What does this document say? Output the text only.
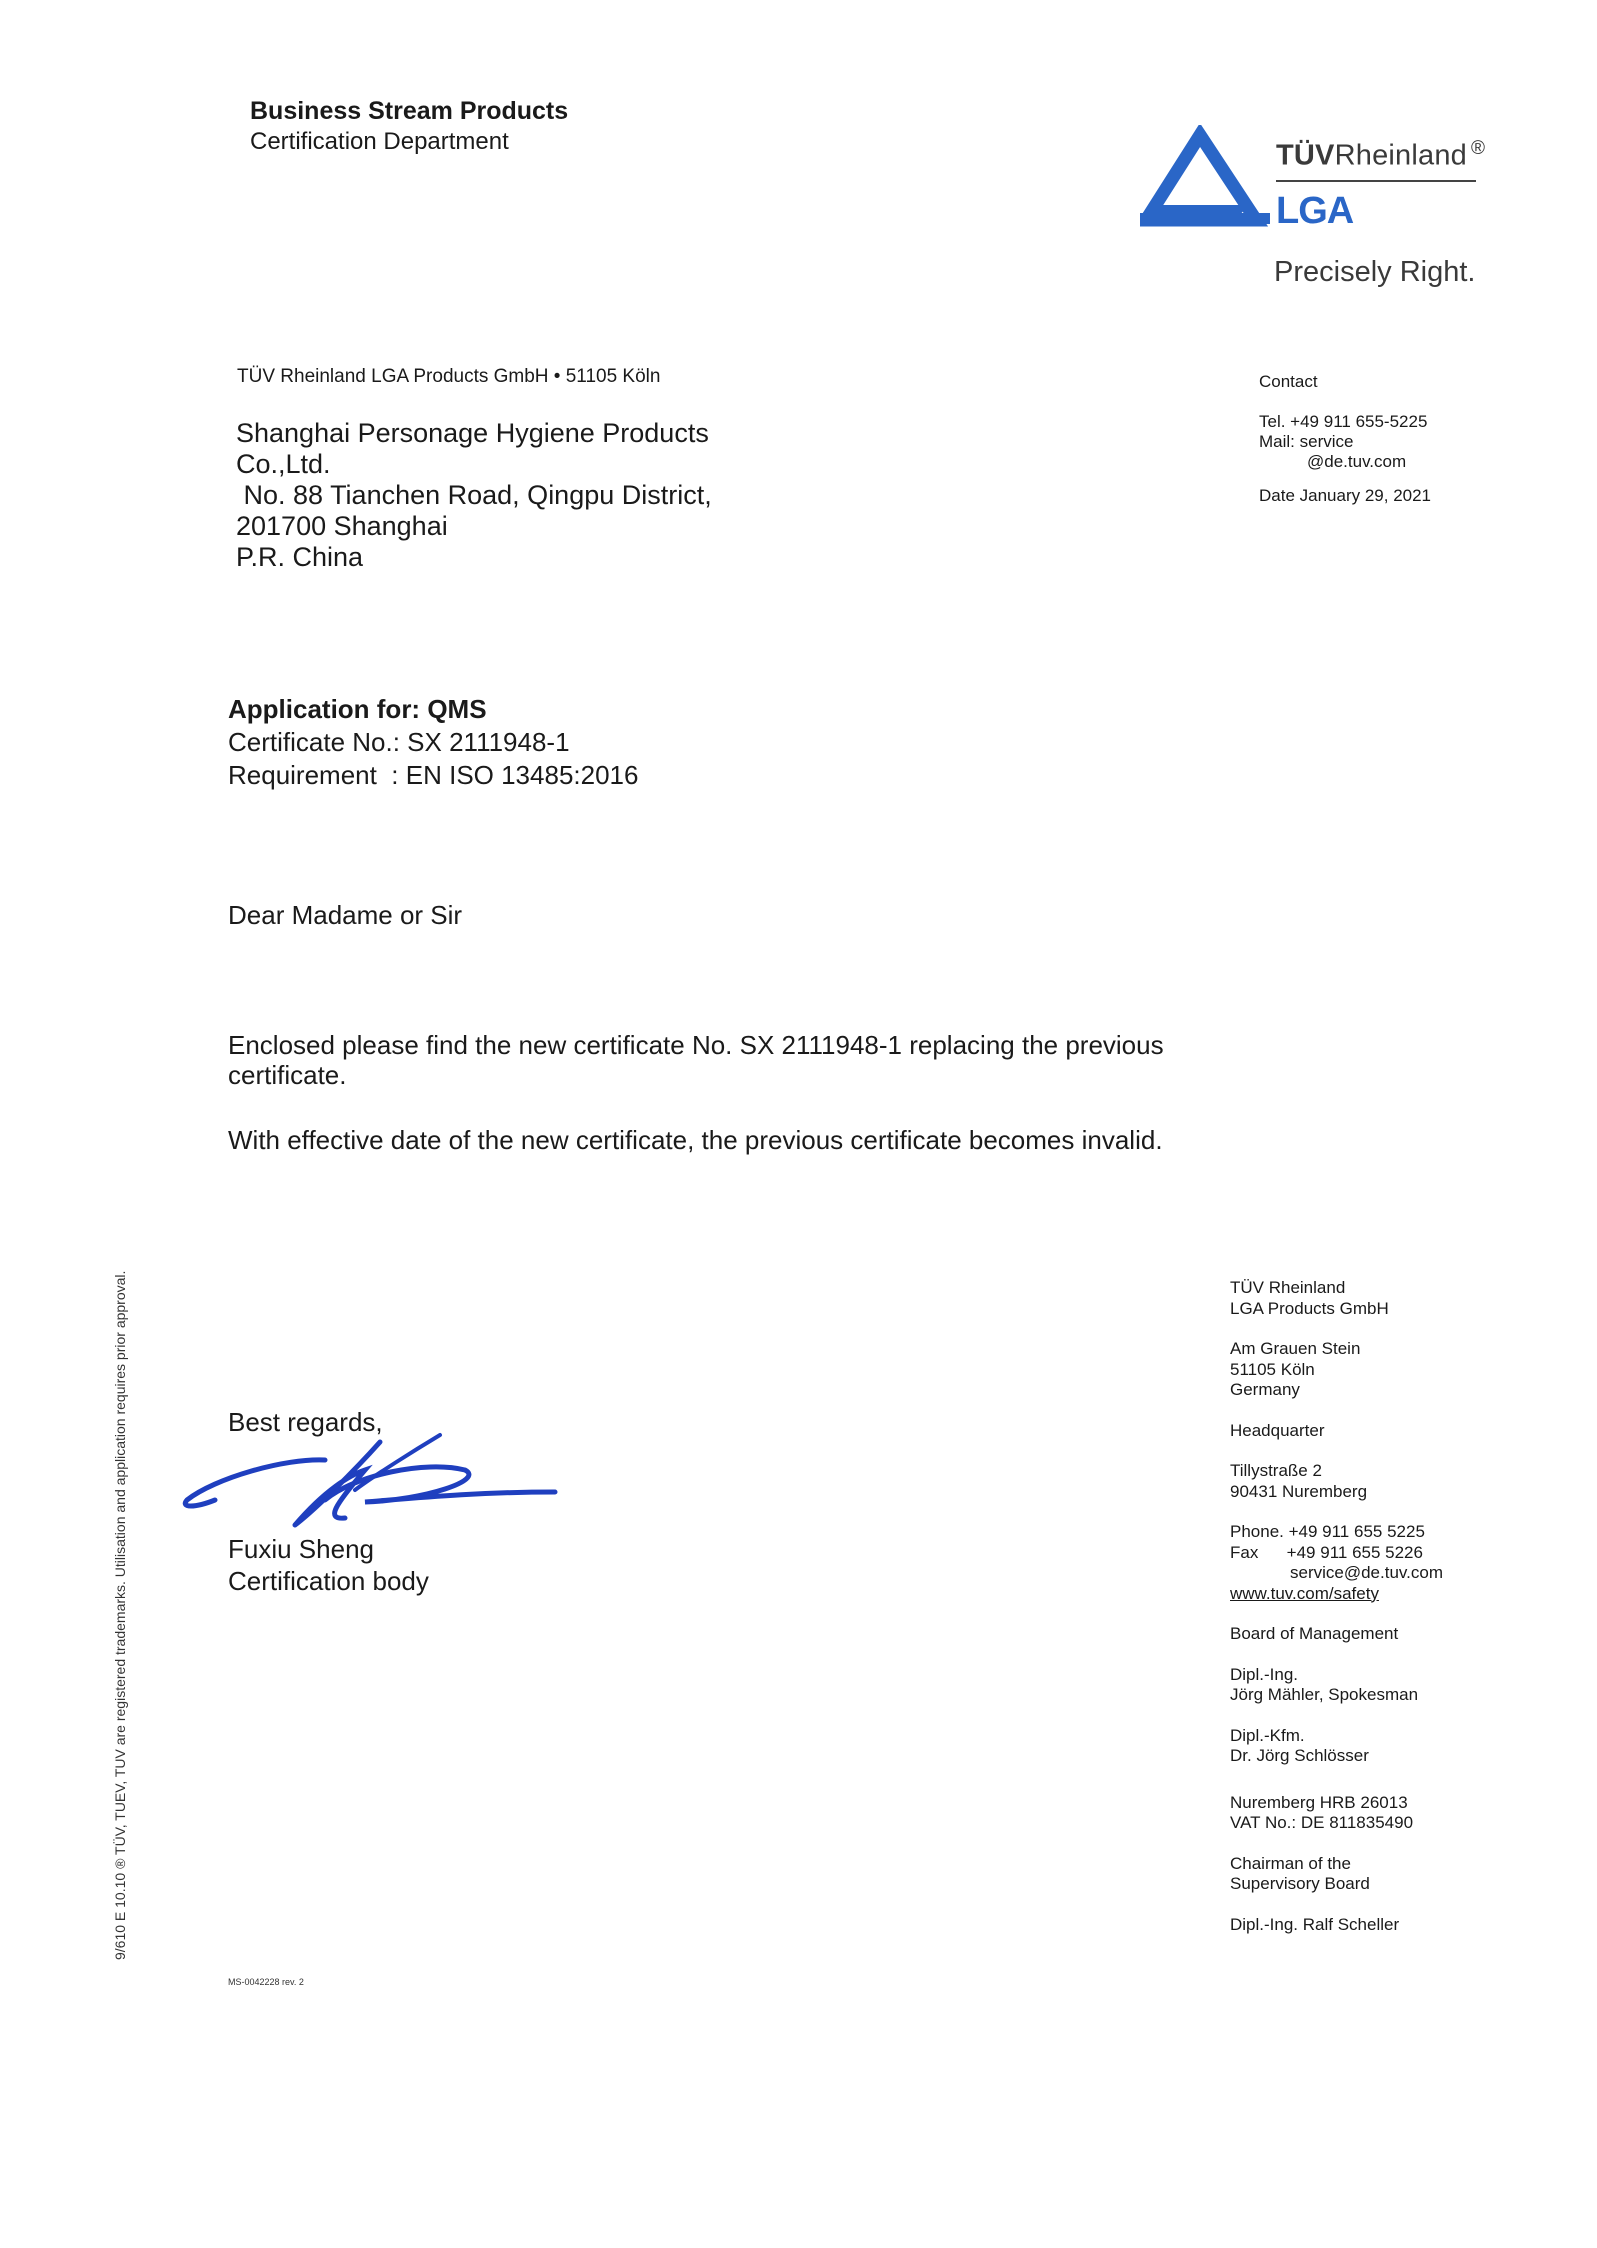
Business Stream Products
Certification Department	TÜVRheinland ®
LGA
Precisely Right.
TÜV Rheinland LGA Products GmbH • 51105 Köln
Shanghai Personage Hygiene Products
Co.,Ltd.
No. 88 Tianchen Road, Qingpu District,
201700 Shanghai
P.R. China
Contact
Tel. +49 911 655-5225
Mail: service
@de.tuv.com
Date January 29, 2021
Application for: QMS
Certificate No.: SX 2111948-1
Requirement  : EN ISO 13485:2016
Dear Madame or Sir
Enclosed please find the new certificate No. SX 2111948-1 replacing the previous certificate.
With effective date of the new certificate, the previous certificate becomes invalid.
Best regards,
Fuxiu Sheng
Certification body
TÜV Rheinland
LGA Products GmbH
Am Grauen Stein
51105 Köln
Germany
Headquarter
Tillystraße 2
90431 Nuremberg
Phone. +49 911 655 5225
Fax      +49 911 655 5226
service@de.tuv.com
www.tuv.com/safety
Board of Management
Dipl.-Ing.
Jörg Mähler, Spokesman
Dipl.-Kfm.
Dr. Jörg Schlösser
Nuremberg HRB 26013
VAT No.: DE 811835490
Chairman of the
Supervisory Board
Dipl.-Ing. Ralf Scheller
9/610 E 10.10 ® TÜV, TUEV, TUV are registered trademarks. Utilisation and application requires prior approval.
MS-0042228 rev. 2
